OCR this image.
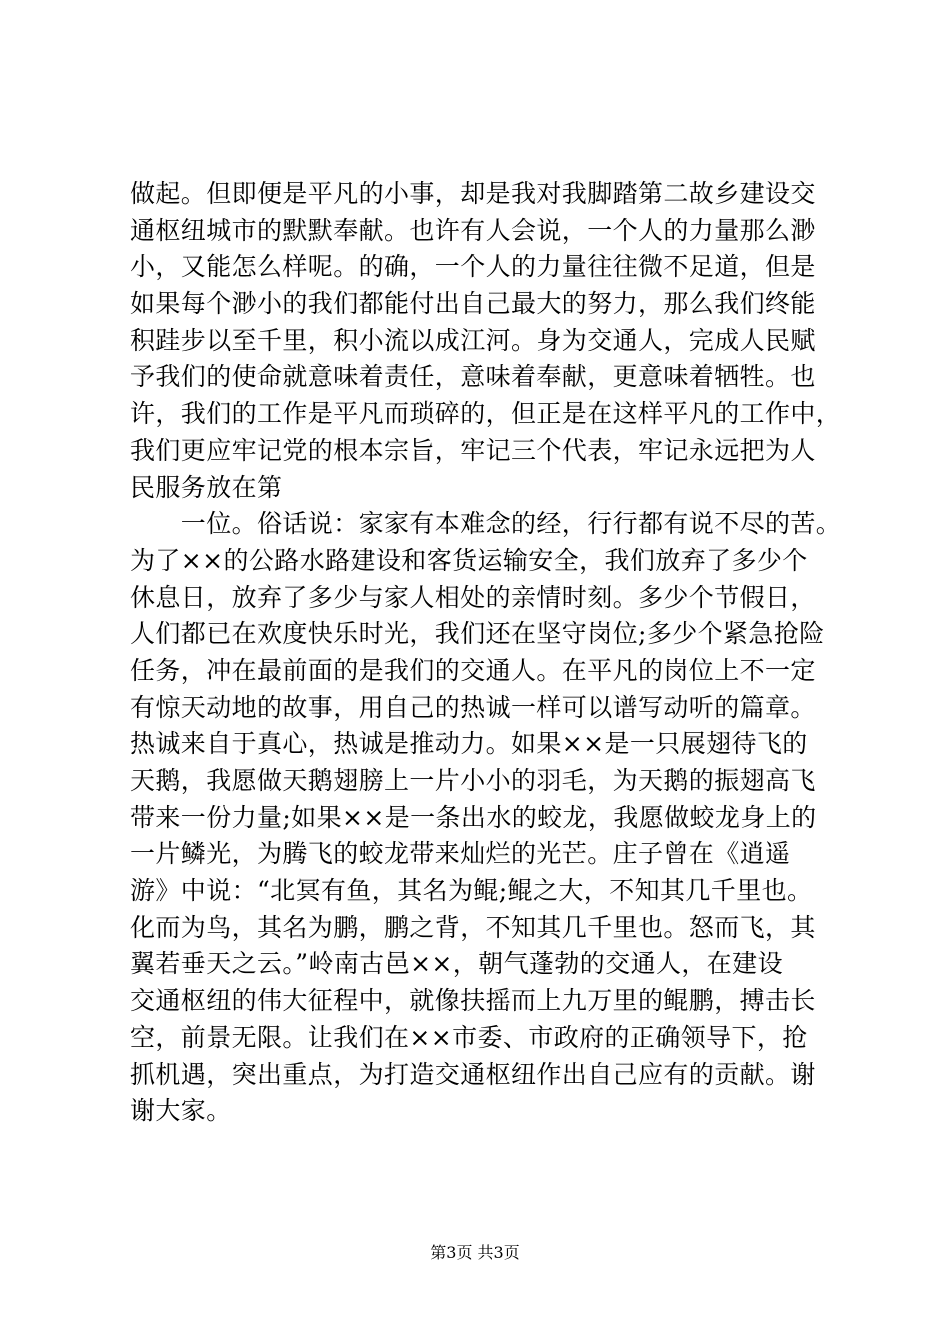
做起。但即便是平凡的小事，却是我对我脚踏第二故乡建设交
通枢纽城市的默默奉献。也许有人会说，一个人的力量那么渺
小，又能怎么样呢。的确，一个人的力量往往微不足道，但是
如果每个渺小的我们都能付出自己最大的努力，那么我们终能
积跬步以至千里，积小流以成江河。身为交通人，完成人民赋
予我们的使命就意味着责任，意味着奉献，更意味着牺牲。也
许，我们的工作是平凡而琐碎的，但正是在这样平凡的工作中，
我们更应牢记党的根本宗旨，牢记三个代表，牢记永远把为人
民服务放在第
　　一位。俗话说：家家有本难念的经，行行都有说不尽的苦。
为了××的公路水路建设和客货运输安全，我们放弃了多少个
休息日，放弃了多少与家人相处的亲情时刻。多少个节假日，
人们都已在欢度快乐时光，我们还在坚守岗位;多少个紧急抢险
任务，冲在最前面的是我们的交通人。在平凡的岗位上不一定
有惊天动地的故事，用自己的热诚一样可以谱写动听的篇章。
热诚来自于真心，热诚是推动力。如果××是一只展翅待飞的
天鹅，我愿做天鹅翅膀上一片小小的羽毛，为天鹅的振翅高飞
带来一份力量;如果××是一条出水的蛟龙，我愿做蛟龙身上的
一片鳞光，为腾飞的蛟龙带来灿烂的光芒。庄子曾在《逍遥
游》中说：“北冥有鱼，其名为鲲;鲲之大，不知其几千里也。
化而为鸟，其名为鹏，鹏之背，不知其几千里也。怒而飞，其
翼若垂天之云。”岭南古邑××，朝气蓬勃的交通人，在建设
交通枢纽的伟大征程中，就像扶摇而上九万里的鲲鹏，搏击长
空，前景无限。让我们在××市委、市政府的正确领导下，抢
抓机遇，突出重点，为打造交通枢纽作出自己应有的贡献。谢
谢大家。
第3页 共3页
